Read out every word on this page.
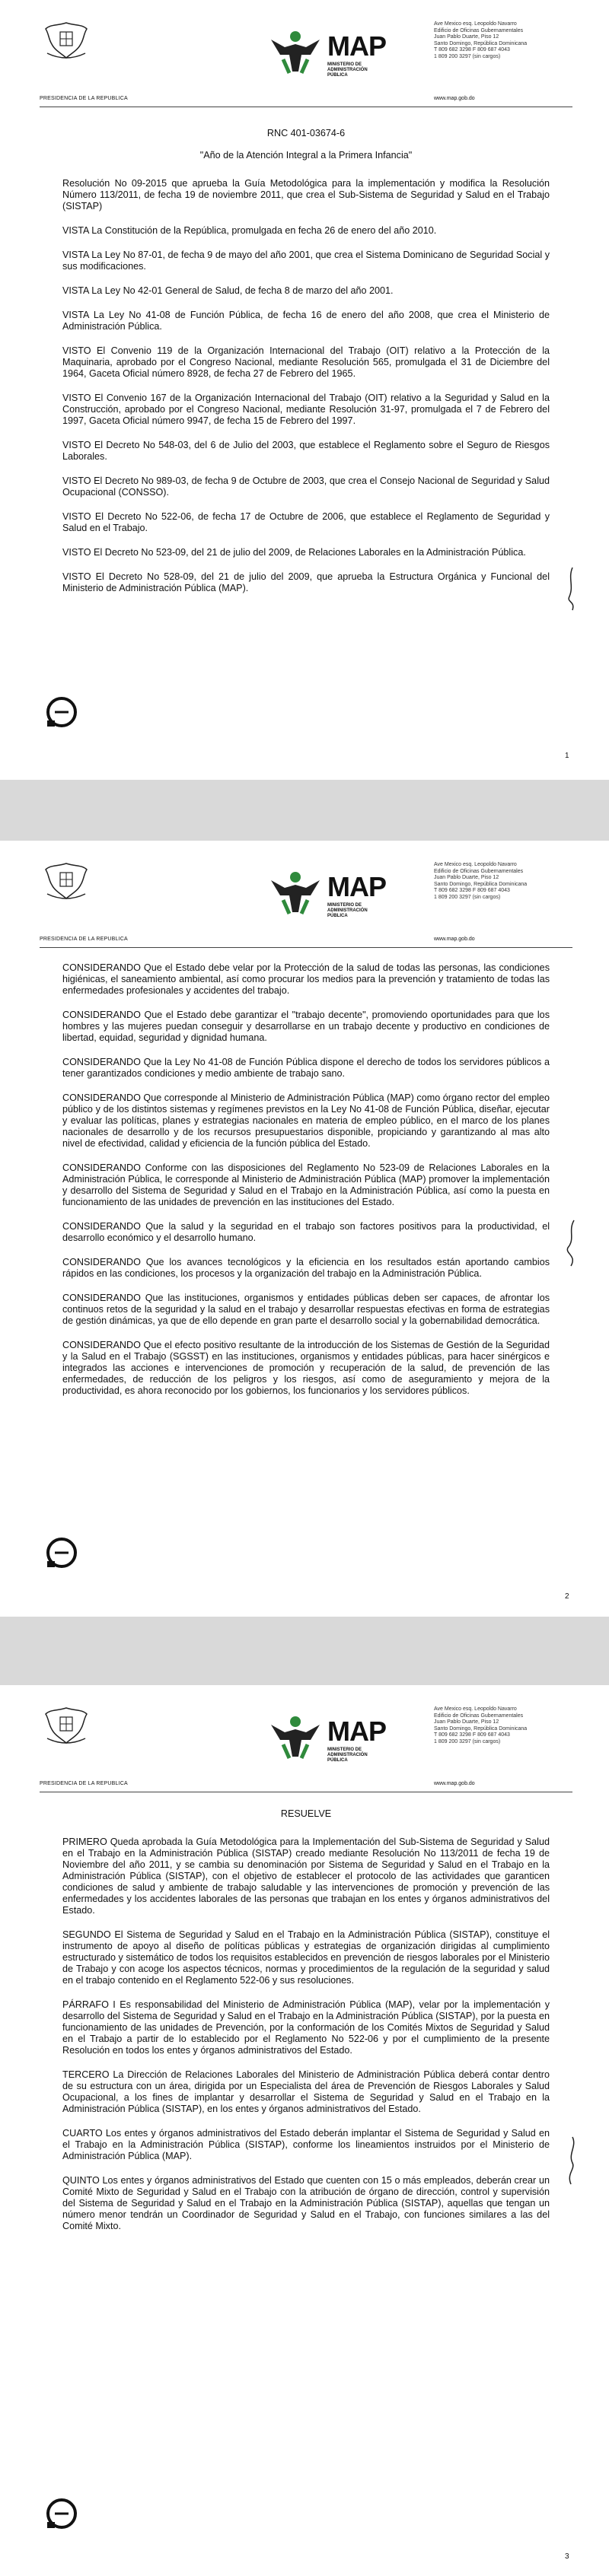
PRESIDENCIA DE LA REPUBLICA
MAP
MINISTERIO DE
ADMINISTRACIÓN
PÚBLICA
Ave Mexico esq. Leopoldo Navarro
Edificio de Oficinas Gubernamentales
Juan Pablo Duarte, Piso 12
Santo Domingo, República Dominicana
T 809 682 3298 F 809 687 4043
1 809 200 3297 (sin cargos)
www.map.gob.do

RNC 401-03674-6

"Año de la Atención Integral a la Primera Infancia"

Resolución No 09-2015 que aprueba la Guía Metodológica para la implementación y modifica la Resolución Número 113/2011, de fecha 19 de noviembre 2011, que crea el Sub-Sistema de Seguridad y Salud en el Trabajo (SISTAP)

VISTA La Constitución de la República, promulgada en fecha 26 de enero del año 2010.

VISTA La Ley No 87-01, de fecha 9 de mayo del año 2001, que crea el Sistema Dominicano de Seguridad Social y sus modificaciones.

VISTA La Ley No 42-01 General de Salud, de fecha 8 de marzo del año 2001.

VISTA La Ley No 41-08 de Función Pública, de fecha 16 de enero del año 2008, que crea el Ministerio de Administración Pública.

VISTO El Convenio 119 de la Organización Internacional del Trabajo (OIT) relativo a la Protección de la Maquinaria, aprobado por el Congreso Nacional, mediante Resolución 565, promulgada el 31 de Diciembre del 1964, Gaceta Oficial número 8928, de fecha 27 de Febrero del 1965.

VISTO El Convenio 167 de la Organización Internacional del Trabajo (OIT) relativo a la Seguridad y Salud en la Construcción, aprobado por el Congreso Nacional, mediante Resolución 31-97, promulgada el 7 de Febrero del 1997, Gaceta Oficial número 9947, de fecha 15 de Febrero del 1997.

VISTO El Decreto No 548-03, del 6 de Julio del 2003, que establece el Reglamento sobre el Seguro de Riesgos Laborales.

VISTO El Decreto No 989-03, de fecha 9 de Octubre de 2003, que crea el Consejo Nacional de Seguridad y Salud Ocupacional (CONSSO).

VISTO El Decreto No 522-06, de fecha 17 de Octubre de 2006, que establece el Reglamento de Seguridad y Salud en el Trabajo.

VISTO El Decreto No 523-09, del 21 de julio del 2009, de Relaciones Laborales en la Administración Pública.

VISTO El Decreto No 528-09, del 21 de julio del 2009, que aprueba la Estructura Orgánica y Funcional del Ministerio de Administración Pública (MAP).

1
PRESIDENCIA DE LA REPUBLICA
MAP
MINISTERIO DE
ADMINISTRACIÓN
PÚBLICA
Ave Mexico esq. Leopoldo Navarro
Edificio de Oficinas Gubernamentales
Juan Pablo Duarte, Piso 12
Santo Domingo, República Dominicana
T 809 682 3298 F 809 687 4043
1 809 200 3297 (sin cargos)
www.map.gob.do

CONSIDERANDO Que el Estado debe velar por la Protección de la salud de todas las personas, las condiciones higiénicas, el saneamiento ambiental, así como procurar los medios para la prevención y tratamiento de todas las enfermedades profesionales y accidentes del trabajo.

CONSIDERANDO Que el Estado debe garantizar el "trabajo decente", promoviendo oportunidades para que los hombres y las mujeres puedan conseguir y desarrollarse en un trabajo decente y productivo en condiciones de libertad, equidad, seguridad y dignidad humana.

CONSIDERANDO Que la Ley No 41-08 de Función Pública dispone el derecho de todos los servidores públicos a tener garantizados condiciones y medio ambiente de trabajo sano.

CONSIDERANDO Que corresponde al Ministerio de Administración Pública (MAP) como órgano rector del empleo público y de los distintos sistemas y regímenes previstos en la Ley No 41-08 de Función Pública, diseñar, ejecutar y evaluar las políticas, planes y estrategias nacionales en materia de empleo público, en el marco de los planes nacionales de desarrollo y de los recursos presupuestarios disponible, propiciando y garantizando al mas alto nivel de efectividad, calidad y eficiencia de la función pública del Estado.

CONSIDERANDO Conforme con las disposiciones del Reglamento No 523-09 de Relaciones Laborales en la Administración Pública, le corresponde al Ministerio de Administración Pública (MAP) promover la implementación y desarrollo del Sistema de Seguridad y Salud en el Trabajo en la Administración Pública, así como la puesta en funcionamiento de las unidades de prevención en las instituciones del Estado.

CONSIDERANDO Que la salud y la seguridad en el trabajo son factores positivos para la productividad, el desarrollo económico y el desarrollo humano.

CONSIDERANDO Que los avances tecnológicos y la eficiencia en los resultados están aportando cambios rápidos en las condiciones, los procesos y la organización del trabajo en la Administración Pública.

CONSIDERANDO Que las instituciones, organismos y entidades públicas deben ser capaces, de afrontar los continuos retos de la seguridad y la salud en el trabajo y desarrollar respuestas efectivas en forma de estrategias de gestión dinámicas, ya que de ello depende en gran parte el desarrollo social y la gobernabilidad democrática.

CONSIDERANDO Que el efecto positivo resultante de la introducción de los Sistemas de Gestión de la Seguridad y la Salud en el Trabajo (SGSST) en las instituciones, organismos y entidades públicas, para hacer sinérgicos e integrados las acciones e intervenciones de promoción y recuperación de la salud, de prevención de las enfermedades, de reducción de los peligros y los riesgos, así como de aseguramiento y mejora de la productividad, es ahora reconocido por los gobiernos, los funcionarios y los servidores públicos.

2
PRESIDENCIA DE LA REPUBLICA
MAP
MINISTERIO DE
ADMINISTRACIÓN
PÚBLICA
Ave Mexico esq. Leopoldo Navarro
Edificio de Oficinas Gubernamentales
Juan Pablo Duarte, Piso 12
Santo Domingo, República Dominicana
T 809 682 3298 F 809 687 4043
1 809 200 3297 (sin cargos)
www.map.gob.do

RESUELVE

PRIMERO Queda aprobada la Guía Metodológica para la Implementación del Sub-Sistema de Seguridad y Salud en el Trabajo en la Administración Pública (SISTAP) creado mediante Resolución No 113/2011 de fecha 19 de Noviembre del año 2011, y se cambia su denominación por Sistema de Seguridad y Salud en el Trabajo en la Administración Pública (SISTAP), con el objetivo de establecer el protocolo de las actividades que garanticen condiciones de salud y ambiente de trabajo saludable y las intervenciones de promoción y prevención de las enfermedades y los accidentes laborales de las personas que trabajan en los entes y órganos administrativos del Estado.

SEGUNDO El Sistema de Seguridad y Salud en el Trabajo en la Administración Pública (SISTAP), constituye el instrumento de apoyo al diseño de políticas públicas y estrategias de organización dirigidas al cumplimiento estructurado y sistemático de todos los requisitos establecidos en prevención de riesgos laborales por el Ministerio de Trabajo y con acoge los aspectos técnicos, normas y procedimientos de la regulación de la seguridad y salud en el trabajo contenido en el Reglamento 522-06 y sus resoluciones.

PÁRRAFO I Es responsabilidad del Ministerio de Administración Pública (MAP), velar por la implementación y desarrollo del Sistema de Seguridad y Salud en el Trabajo en la Administración Pública (SISTAP), por la puesta en funcionamiento de las unidades de Prevención, por la conformación de los Comités Mixtos de Seguridad y Salud en el Trabajo a partir de lo establecido por el Reglamento No 522-06 y por el cumplimiento de la presente Resolución en todos los entes y órganos administrativos del Estado.

TERCERO La Dirección de Relaciones Laborales del Ministerio de Administración Pública deberá contar dentro de su estructura con un área, dirigida por un Especialista del área de Prevención de Riesgos Laborales y Salud Ocupacional, a los fines de implantar y desarrollar el Sistema de Seguridad y Salud en el Trabajo en la Administración Pública (SISTAP), en los entes y órganos administrativos del Estado.

CUARTO Los entes y órganos administrativos del Estado deberán implantar el Sistema de Seguridad y Salud en el Trabajo en la Administración Pública (SISTAP), conforme los lineamientos instruidos por el Ministerio de Administración Pública (MAP).

QUINTO Los entes y órganos administrativos del Estado que cuenten con 15 o más empleados, deberán crear un Comité Mixto de Seguridad y Salud en el Trabajo con la atribución de órgano de dirección, control y supervisión del Sistema de Seguridad y Salud en el Trabajo en la Administración Pública (SISTAP), aquellas que tengan un número menor tendrán un Coordinador de Seguridad y Salud en el Trabajo, con funciones similares a las del Comité Mixto.

3
